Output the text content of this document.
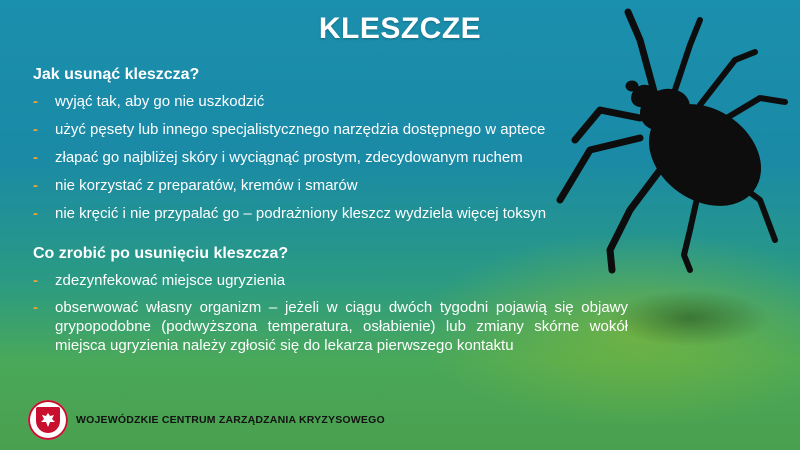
KLESZCZE
Jak usunąć kleszcza?
- wyjąć tak, aby go nie uszkodzić
- użyć pęsety lub innego specjalistycznego narzędzia dostępnego w aptece
- złapać go najbliżej skóry i wyciągnąć prostym, zdecydowanym ruchem
- nie korzystać z preparatów, kremów i smarów
- nie kręcić i nie przypalać go – podrażniony kleszcz wydziela więcej toksyn
Co zrobić po usunięciu kleszcza?
- zdezynfekować miejsce ugryzienia
- obserwować własny organizm – jeżeli w ciągu dwóch tygodni pojawią się objawy grypopodobne (podwyższona temperatura, osłabienie) lub zmiany skórne wokół miejsca ugryzienia należy zgłosić się do lekarza pierwszego kontaktu
WOJEWÓDZKIE CENTRUM ZARZĄDZANIA KRYZYSOWEGO
